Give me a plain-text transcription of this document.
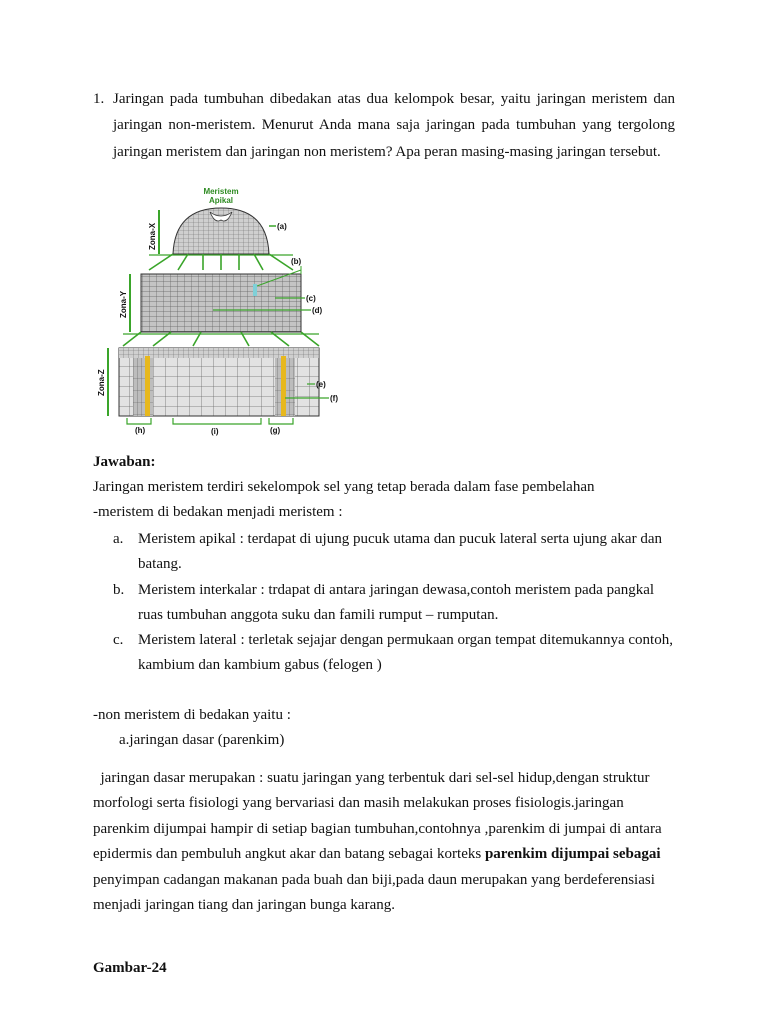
1. Jaringan pada tumbuhan dibedakan atas dua kelompok besar, yaitu jaringan meristem dan jaringan non-meristem. Menurut Anda mana saja jaringan pada tumbuhan yang tergolong jaringan meristem dan jaringan non meristem? Apa peran masing-masing jaringan tersebut.
Meristem
Apikal
(a)
Zona-X
(b)
(c)
(d)
Zona-Y
(e)
(f)
Zona-Z
(h)	(i)	(g)
Jawaban:
Jaringan meristem terdiri sekelompok sel yang tetap berada dalam fase pembelahan
-meristem di bedakan menjadi meristem :
a. Meristem apikal : terdapat di ujung pucuk utama dan pucuk lateral serta ujung akar dan batang.
b. Meristem interkalar : trdapat di antara jaringan dewasa,contoh meristem pada pangkal ruas tumbuhan anggota suku dan famili rumput – rumputan.
c. Meristem lateral : terletak sejajar dengan permukaan organ tempat ditemukannya contoh, kambium dan kambium gabus (felogen )
-non meristem di bedakan yaitu :
a.jaringan dasar (parenkim)
jaringan dasar merupakan : suatu jaringan yang terbentuk dari sel-sel hidup,dengan struktur morfologi serta fisiologi yang bervariasi dan masih melakukan proses fisiologis.jaringan parenkim dijumpai hampir di setiap bagian tumbuhan,contohnya ,parenkim di jumpai di antara epidermis dan pembuluh angkut akar dan batang sebagai korteks parenkim dijumpai sebagai penyimpan cadangan makanan pada buah dan biji,pada daun merupakan yang berdeferensiasi menjadi jaringan tiang dan jaringan bunga karang.
Gambar-24
